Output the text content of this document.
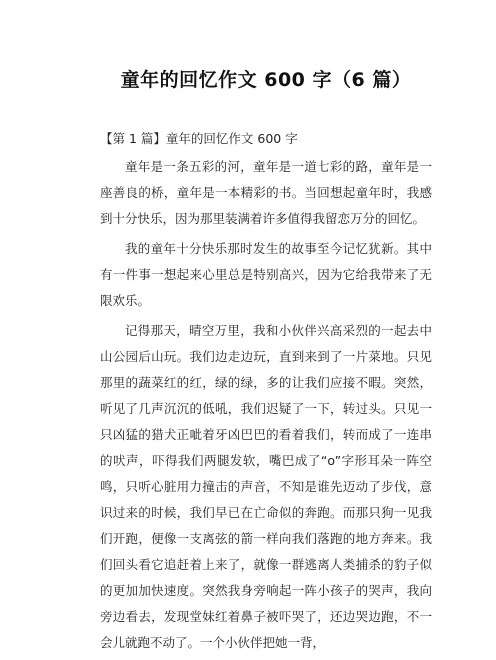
童年的回忆作文 600 字（6 篇）
【第 1 篇】童年的回忆作文 600 字

童年是一条五彩的河，童年是一道七彩的路，童年是一座善良的桥，童年是一本精彩的书。当回想起童年时，我感到十分快乐，因为那里装满着许多值得我留恋万分的回忆。

我的童年十分快乐那时发生的故事至今记忆犹新。其中有一件事一想起来心里总是特别高兴，因为它给我带来了无限欢乐。

记得那天，晴空万里，我和小伙伴兴高采烈的一起去中山公园后山玩。我们边走边玩，直到来到了一片菜地。只见那里的蔬菜红的红，绿的绿，多的让我们应接不暇。突然，听见了几声沉沉的低吼，我们迟疑了一下，转过头。只见一只凶猛的猎犬正呲着牙凶巴巴的看着我们，转而成了一连串的吠声，吓得我们两腿发软，嘴巴成了“o”字形耳朵一阵空鸣，只听心脏用力撞击的声音，不知是谁先迈动了步伐，意识过来的时候，我们早已在亡命似的奔跑。而那只狗一见我们开跑，便像一支离弦的箭一样向我们落跑的地方奔来。我们回头看它追赶着上来了，就像一群逃离人类捕杀的豹子似的更加加快速度。突然我身旁响起一阵小孩子的哭声，我向旁边看去，发现堂妹红着鼻子被吓哭了，还边哭边跑，不一会儿就跑不动了。一个小伙伴把她一背，
